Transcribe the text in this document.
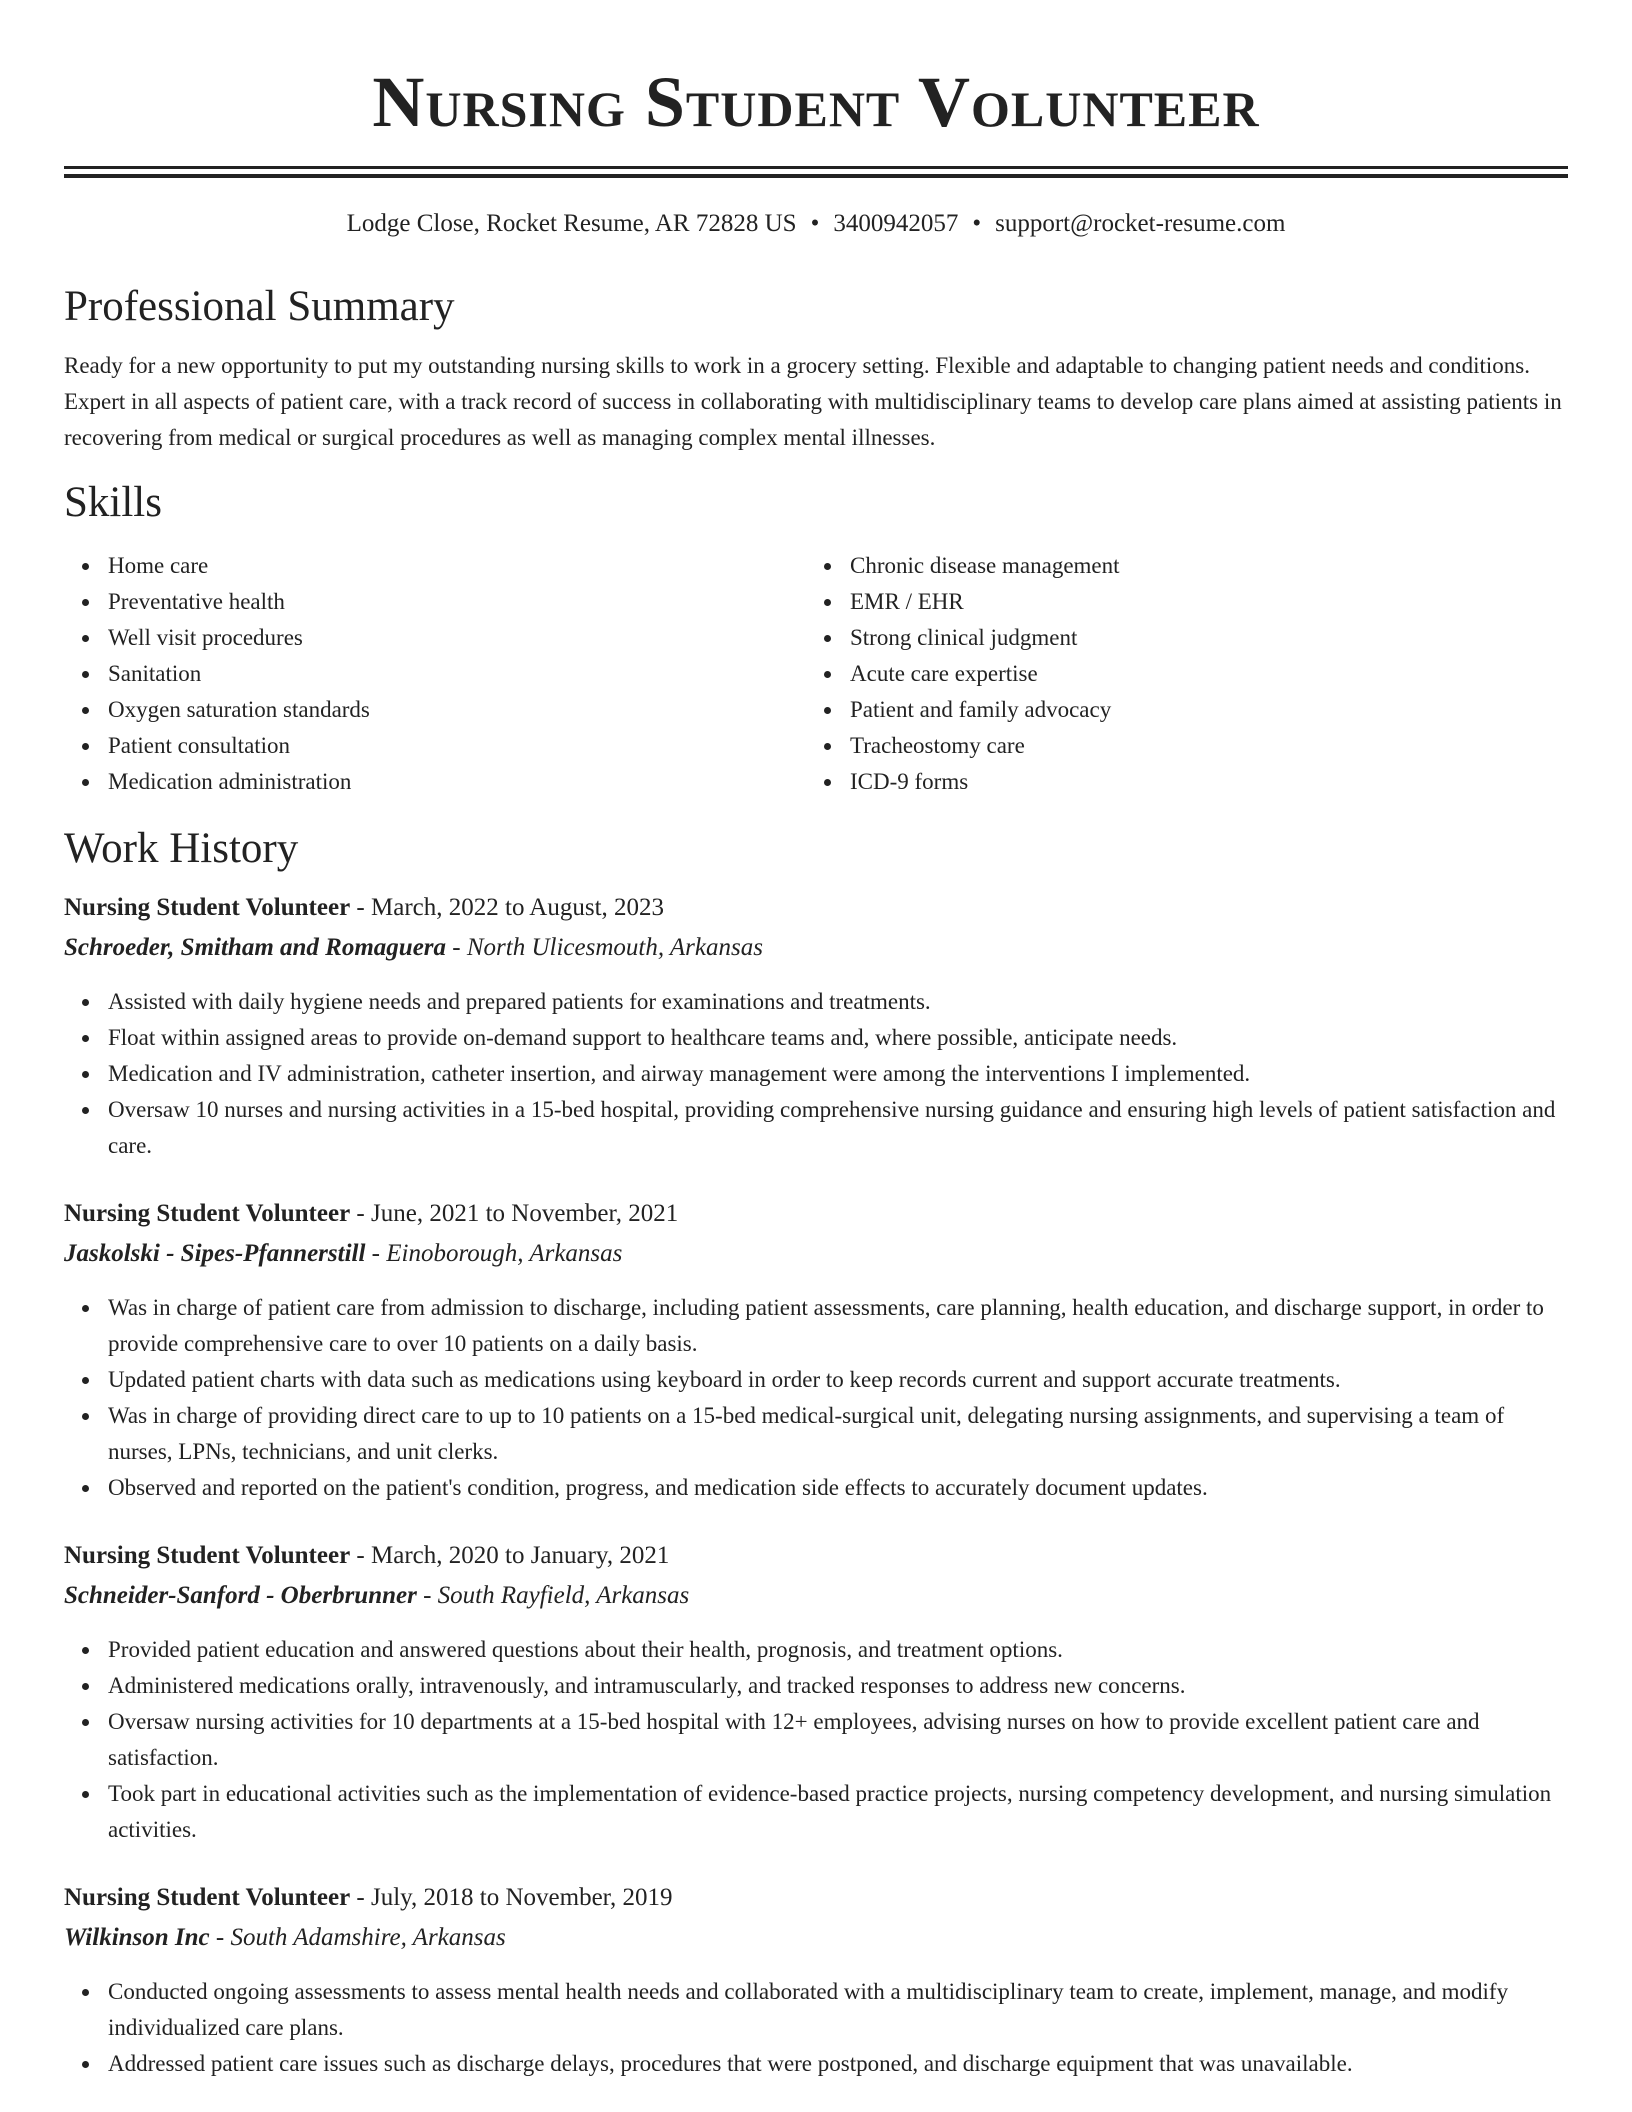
Nursing Student Volunteer
Lodge Close, Rocket Resume, AR 72828 US • 3400942057 • support@rocket-resume.com
Professional Summary
Ready for a new opportunity to put my outstanding nursing skills to work in a grocery setting. Flexible and adaptable to changing patient needs and conditions. Expert in all aspects of patient care, with a track record of success in collaborating with multidisciplinary teams to develop care plans aimed at assisting patients in recovering from medical or surgical procedures as well as managing complex mental illnesses.
Skills
Home care
Preventative health
Well visit procedures
Sanitation
Oxygen saturation standards
Patient consultation
Medication administration
Chronic disease management
EMR / EHR
Strong clinical judgment
Acute care expertise
Patient and family advocacy
Tracheostomy care
ICD-9 forms
Work History
Nursing Student Volunteer - March, 2022 to August, 2023
Schroeder, Smitham and Romaguera - North Ulicesmouth, Arkansas
Assisted with daily hygiene needs and prepared patients for examinations and treatments.
Float within assigned areas to provide on-demand support to healthcare teams and, where possible, anticipate needs.
Medication and IV administration, catheter insertion, and airway management were among the interventions I implemented.
Oversaw 10 nurses and nursing activities in a 15-bed hospital, providing comprehensive nursing guidance and ensuring high levels of patient satisfaction and care.
Nursing Student Volunteer - June, 2021 to November, 2021
Jaskolski - Sipes-Pfannerstill - Einoborough, Arkansas
Was in charge of patient care from admission to discharge, including patient assessments, care planning, health education, and discharge support, in order to provide comprehensive care to over 10 patients on a daily basis.
Updated patient charts with data such as medications using keyboard in order to keep records current and support accurate treatments.
Was in charge of providing direct care to up to 10 patients on a 15-bed medical-surgical unit, delegating nursing assignments, and supervising a team of nurses, LPNs, technicians, and unit clerks.
Observed and reported on the patient's condition, progress, and medication side effects to accurately document updates.
Nursing Student Volunteer - March, 2020 to January, 2021
Schneider-Sanford - Oberbrunner - South Rayfield, Arkansas
Provided patient education and answered questions about their health, prognosis, and treatment options.
Administered medications orally, intravenously, and intramuscularly, and tracked responses to address new concerns.
Oversaw nursing activities for 10 departments at a 15-bed hospital with 12+ employees, advising nurses on how to provide excellent patient care and satisfaction.
Took part in educational activities such as the implementation of evidence-based practice projects, nursing competency development, and nursing simulation activities.
Nursing Student Volunteer - July, 2018 to November, 2019
Wilkinson Inc - South Adamshire, Arkansas
Conducted ongoing assessments to assess mental health needs and collaborated with a multidisciplinary team to create, implement, manage, and modify individualized care plans.
Addressed patient care issues such as discharge delays, procedures that were postponed, and discharge equipment that was unavailable.
